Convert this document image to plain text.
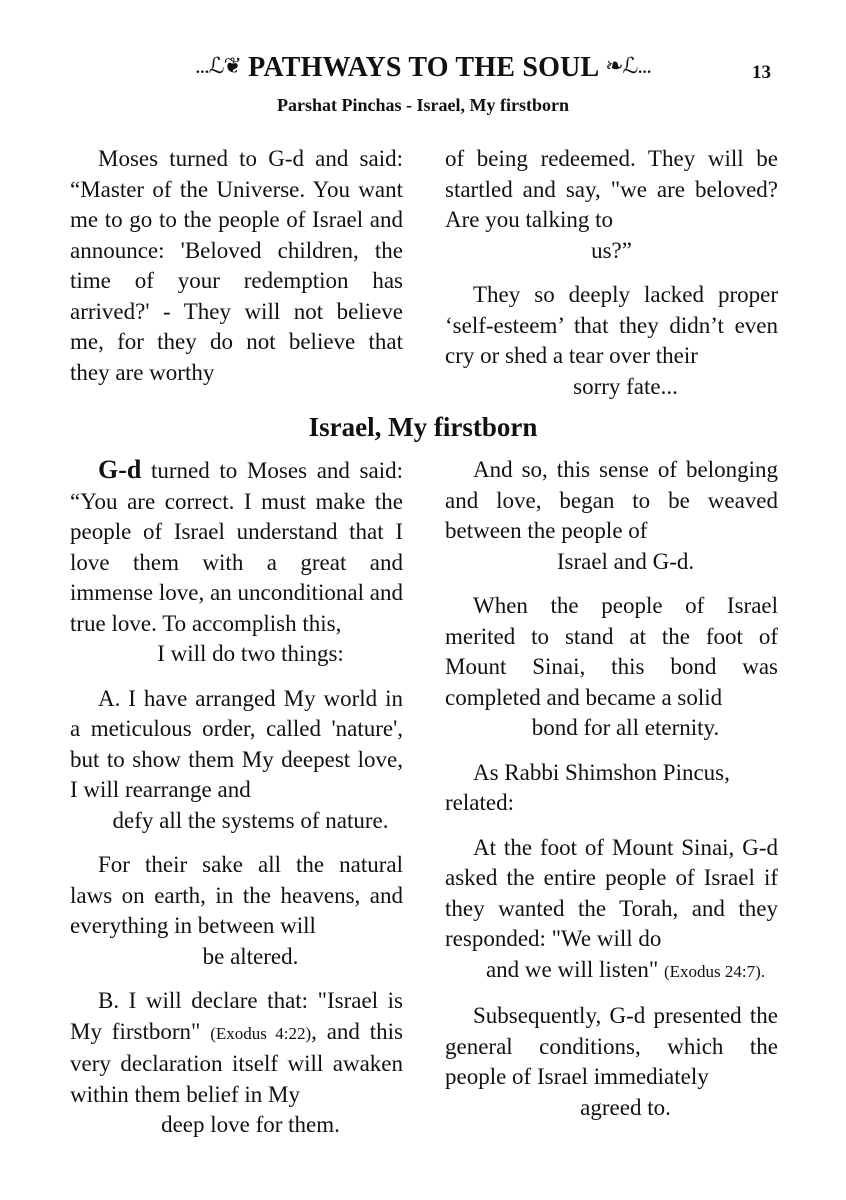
...ℒ❦ PATHWAYS TO THE SOUL ❧ℒ...	13
Parshat Pinchas - Israel, My firstborn

Moses turned to G-d and said: “Master of the Universe. You want me to go to the people of Israel and announce: 'Beloved children, the time of your redemption has arrived?' - They will not believe me, for they do not believe that they are worthy

of being redeemed. They will be startled and say, "we are beloved? Are you talking to
us?”

They so deeply lacked proper ‘self-esteem’ that they didn’t even cry or shed a tear over their
sorry fate...

Israel, My firstborn

G-d turned to Moses and said: “You are correct. I must make the people of Israel understand that I love them with a great and immense love, an unconditional and true love. To accomplish this,
I will do two things:

A. I have arranged My world in a meticulous order, called 'nature', but to show them My deepest love, I will rearrange and
defy all the systems of nature.

For their sake all the natural laws on earth, in the heavens, and everything in between will
be altered.

B. I will declare that: "Israel is My firstborn" (Exodus 4:22), and this very declaration itself will awaken within them belief in My
deep love for them.

And so, this sense of belonging and love, began to be weaved between the people of
Israel and G-d.

When the people of Israel merited to stand at the foot of Mount Sinai, this bond was completed and became a solid
bond for all eternity.

As Rabbi Shimshon Pincus, related:

At the foot of Mount Sinai, G-d asked the entire people of Israel if they wanted the Torah, and they responded: "We will do
and we will listen" (Exodus 24:7).

Subsequently, G-d presented the general conditions, which the people of Israel immediately
agreed to.
